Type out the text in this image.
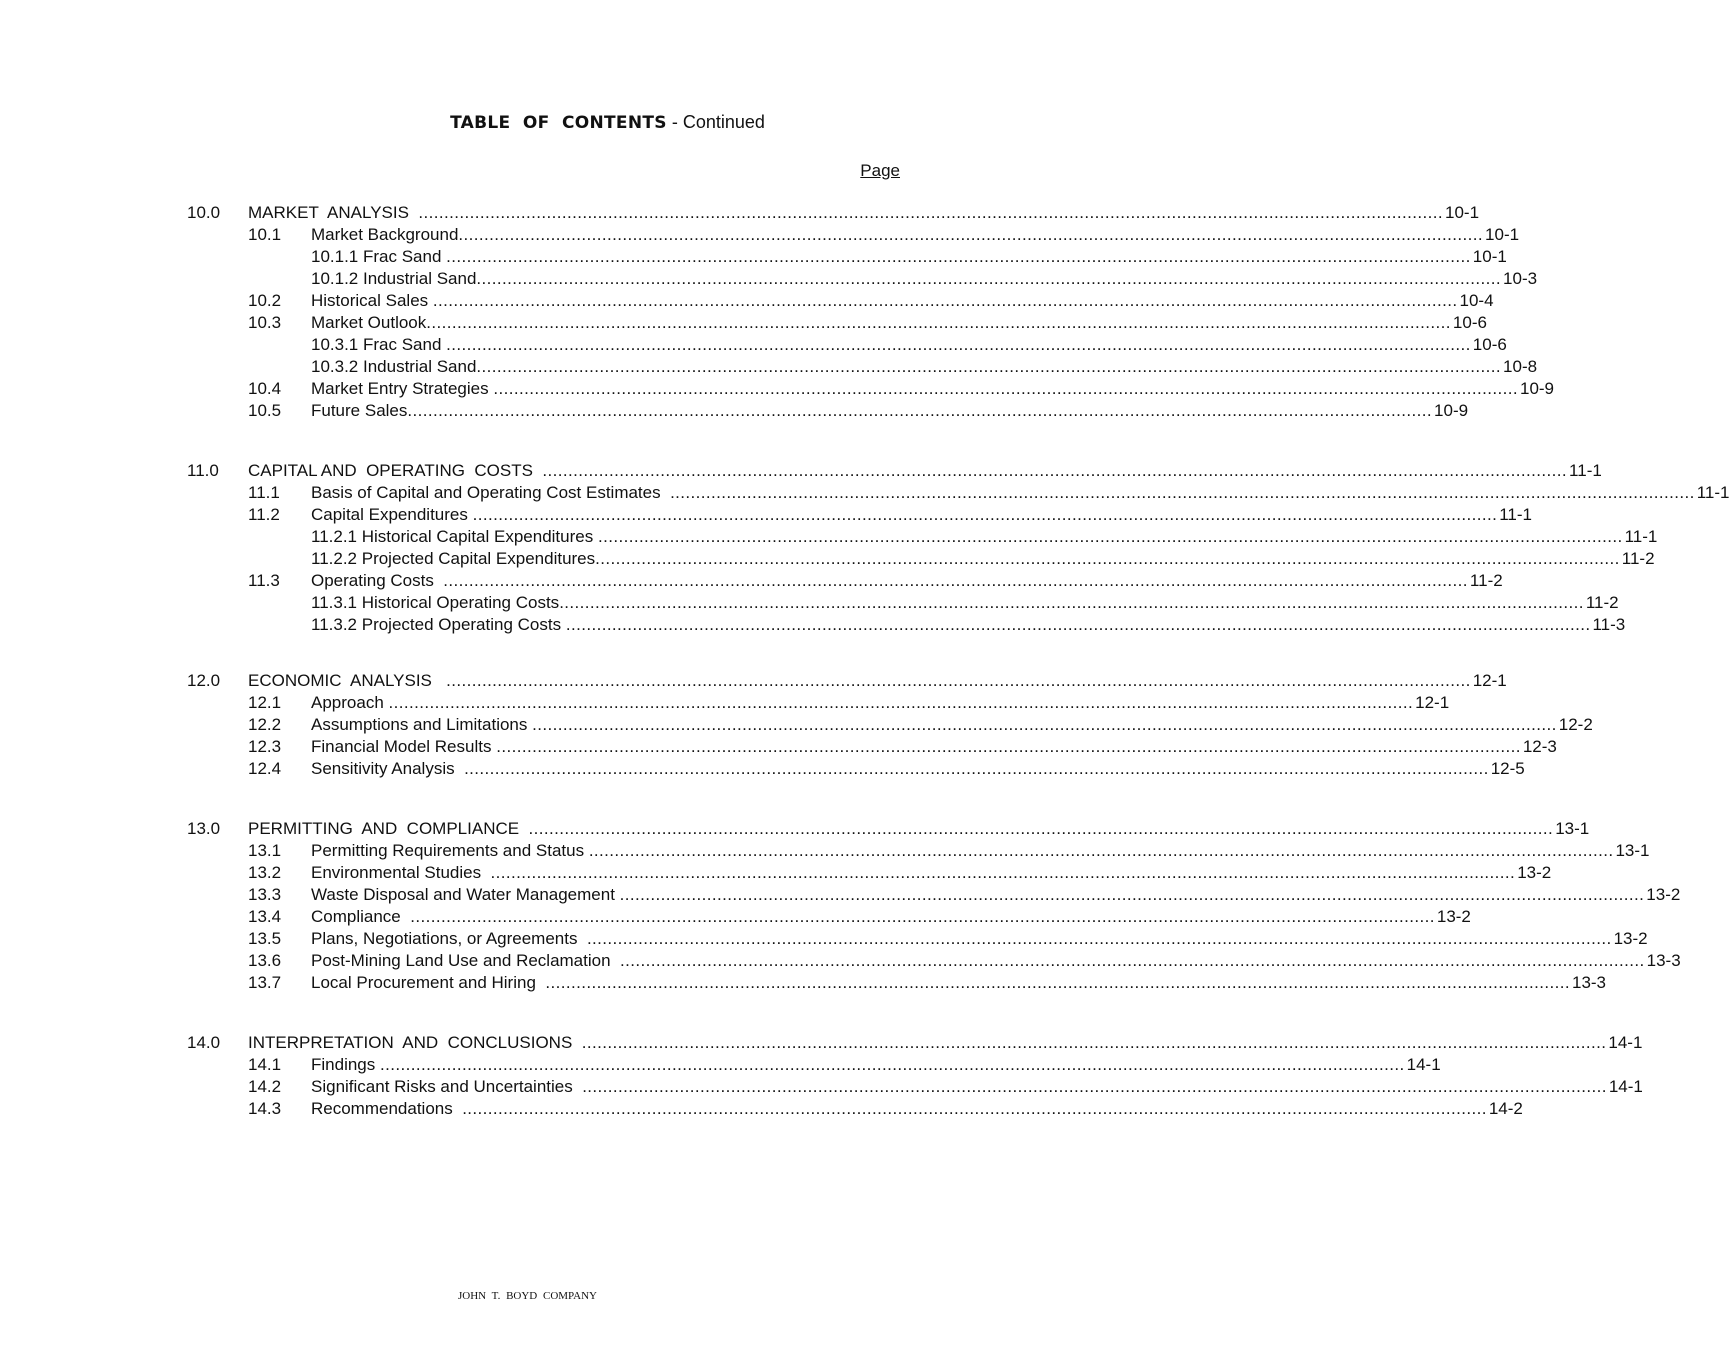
TABLE  OF  CONTENTS - Continued
Page
10.0	MARKET  ANALYSIS ........................................................................................................................................................................................................ 10-1
10.1	Market Background ........................................................................................................................................................................................................ 10-1
10.1.1 Frac Sand ........................................................................................................................................................................................................ 10-1
10.1.2 Industrial Sand ........................................................................................................................................................................................................ 10-3
10.2	Historical Sales ........................................................................................................................................................................................................ 10-4
10.3	Market Outlook ........................................................................................................................................................................................................ 10-6
10.3.1 Frac Sand ........................................................................................................................................................................................................ 10-6
10.3.2 Industrial Sand ........................................................................................................................................................................................................ 10-8
10.4	Market Entry Strategies ........................................................................................................................................................................................................ 10-9
10.5	Future Sales ........................................................................................................................................................................................................ 10-9
11.0	CAPITAL AND  OPERATING  COSTS ........................................................................................................................................................................................................ 11-1
11.1	Basis of Capital and Operating Cost Estimates ........................................................................................................................................................................................................ 11-1
11.2	Capital Expenditures ........................................................................................................................................................................................................ 11-1
11.2.1 Historical Capital Expenditures ........................................................................................................................................................................................................ 11-1
11.2.2 Projected Capital Expenditures ........................................................................................................................................................................................................ 11-2
11.3	Operating Costs ........................................................................................................................................................................................................ 11-2
11.3.1 Historical Operating Costs ........................................................................................................................................................................................................ 11-2
11.3.2 Projected Operating Costs ........................................................................................................................................................................................................ 11-3
12.0	ECONOMIC  ANALYSIS ........................................................................................................................................................................................................ 12-1
12.1	Approach ........................................................................................................................................................................................................ 12-1
12.2	Assumptions and Limitations ........................................................................................................................................................................................................ 12-2
12.3	Financial Model Results ........................................................................................................................................................................................................ 12-3
12.4	Sensitivity Analysis ........................................................................................................................................................................................................ 12-5
13.0	PERMITTING  AND  COMPLIANCE ........................................................................................................................................................................................................ 13-1
13.1	Permitting Requirements and Status ........................................................................................................................................................................................................ 13-1
13.2	Environmental Studies ........................................................................................................................................................................................................ 13-2
13.3	Waste Disposal and Water Management ........................................................................................................................................................................................................ 13-2
13.4	Compliance ........................................................................................................................................................................................................ 13-2
13.5	Plans, Negotiations, or Agreements ........................................................................................................................................................................................................ 13-2
13.6	Post-Mining Land Use and Reclamation ........................................................................................................................................................................................................ 13-3
13.7	Local Procurement and Hiring ........................................................................................................................................................................................................ 13-3
14.0	INTERPRETATION  AND  CONCLUSIONS ........................................................................................................................................................................................................ 14-1
14.1	Findings ........................................................................................................................................................................................................ 14-1
14.2	Significant Risks and Uncertainties ........................................................................................................................................................................................................ 14-1
14.3	Recommendations ........................................................................................................................................................................................................ 14-2
JOHN T. BOYD COMPANY
